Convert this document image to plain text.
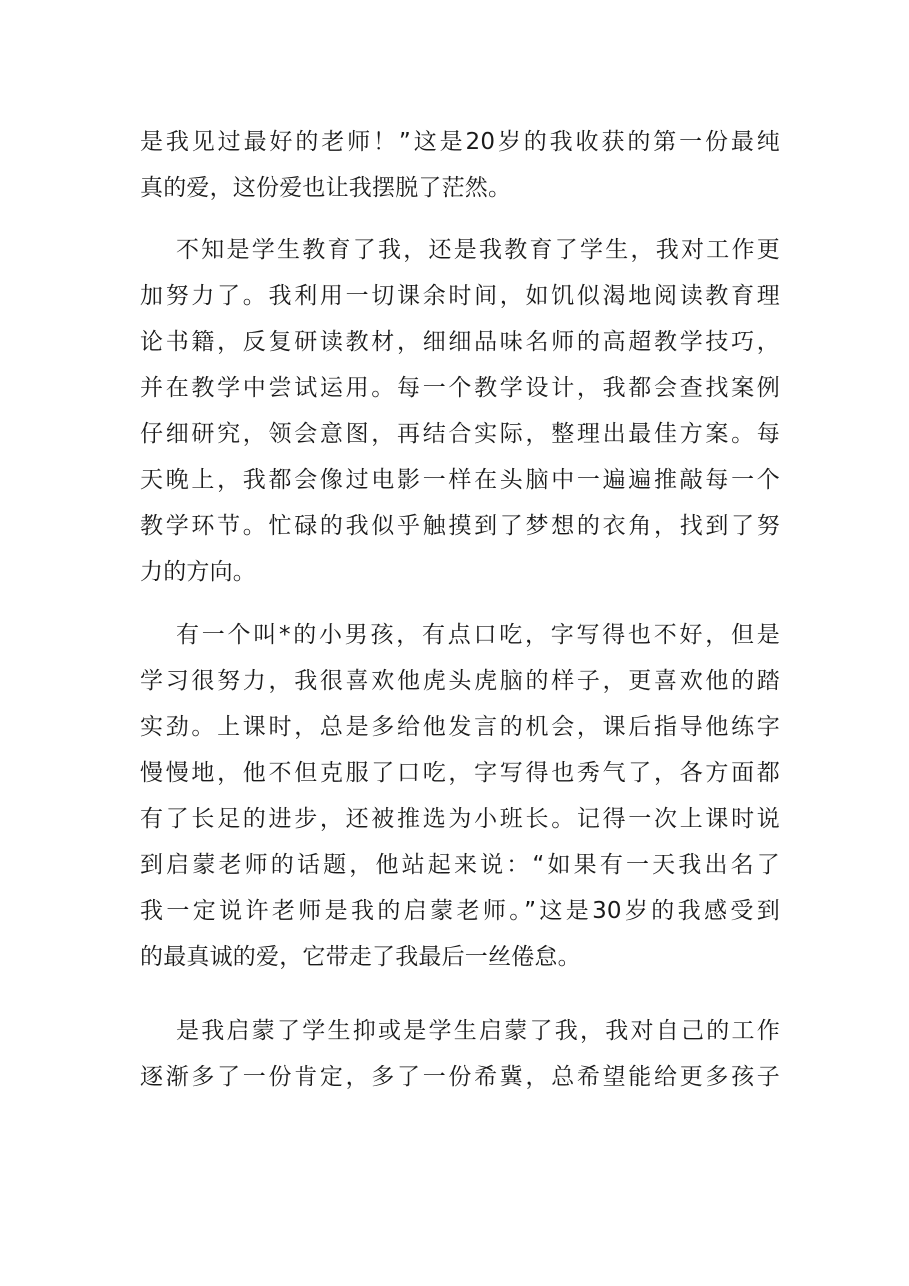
是我见过最好的老师！”这是20岁的我收获的第一份最纯
真的爱，这份爱也让我摆脱了茫然。
不知是学生教育了我，还是我教育了学生，我对工作更
加努力了。我利用一切课余时间，如饥似渴地阅读教育理
论书籍，反复研读教材，细细品味名师的高超教学技巧，
并在教学中尝试运用。每一个教学设计，我都会查找案例
仔细研究，领会意图，再结合实际，整理出最佳方案。每
天晚上，我都会像过电影一样在头脑中一遍遍推敲每一个
教学环节。忙碌的我似乎触摸到了梦想的衣角，找到了努
力的方向。
有一个叫*的小男孩，有点口吃，字写得也不好，但是
学习很努力，我很喜欢他虎头虎脑的样子，更喜欢他的踏
实劲。上课时，总是多给他发言的机会，课后指导他练字
慢慢地，他不但克服了口吃，字写得也秀气了，各方面都
有了长足的进步，还被推选为小班长。记得一次上课时说
到启蒙老师的话题，他站起来说：“如果有一天我出名了
我一定说许老师是我的启蒙老师。”这是30岁的我感受到
的最真诚的爱，它带走了我最后一丝倦怠。
是我启蒙了学生抑或是学生启蒙了我，我对自己的工作
逐渐多了一份肯定，多了一份希冀，总希望能给更多孩子
